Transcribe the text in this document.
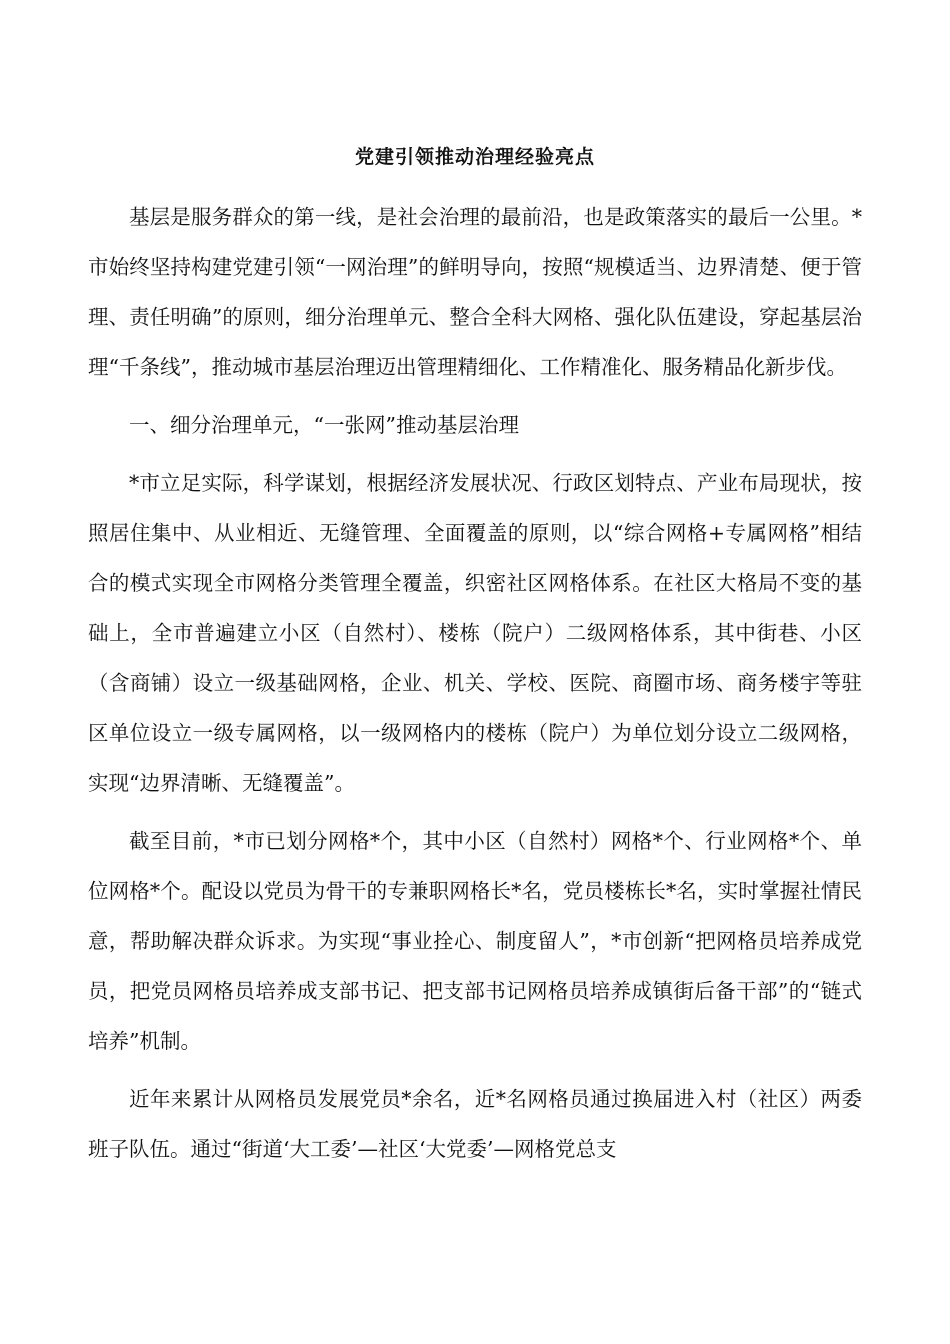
党建引领推动治理经验亮点

基层是服务群众的第一线，是社会治理的最前沿，也是政策落实的最后一公里。*市始终坚持构建党建引领“一网治理”的鲜明导向，按照“规模适当、边界清楚、便于管理、责任明确”的原则，细分治理单元、整合全科大网格、强化队伍建设，穿起基层治理“千条线”，推动城市基层治理迈出管理精细化、工作精准化、服务精品化新步伐。

一、细分治理单元，“一张网”推动基层治理

*市立足实际，科学谋划，根据经济发展状况、行政区划特点、产业布局现状，按照居住集中、从业相近、无缝管理、全面覆盖的原则，以“综合网格+专属网格”相结合的模式实现全市网格分类管理全覆盖，织密社区网格体系。在社区大格局不变的基础上，全市普遍建立小区（自然村）、楼栋（院户）二级网格体系，其中街巷、小区（含商铺）设立一级基础网格，企业、机关、学校、医院、商圈市场、商务楼宇等驻区单位设立一级专属网格，以一级网格内的楼栋（院户）为单位划分设立二级网格，实现“边界清晰、无缝覆盖”。

截至目前，*市已划分网格*个，其中小区（自然村）网格*个、行业网格*个、单位网格*个。配设以党员为骨干的专兼职网格长*名，党员楼栋长*名，实时掌握社情民意，帮助解决群众诉求。为实现“事业拴心、制度留人”，*市创新“把网格员培养成党员，把党员网格员培养成支部书记、把支部书记网格员培养成镇街后备干部”的“链式培养”机制。

近年来累计从网格员发展党员*余名，近*名网格员通过换届进入村（社区）两委班子队伍。通过“街道‘大工委’—社区‘大党委’—网格党总支
